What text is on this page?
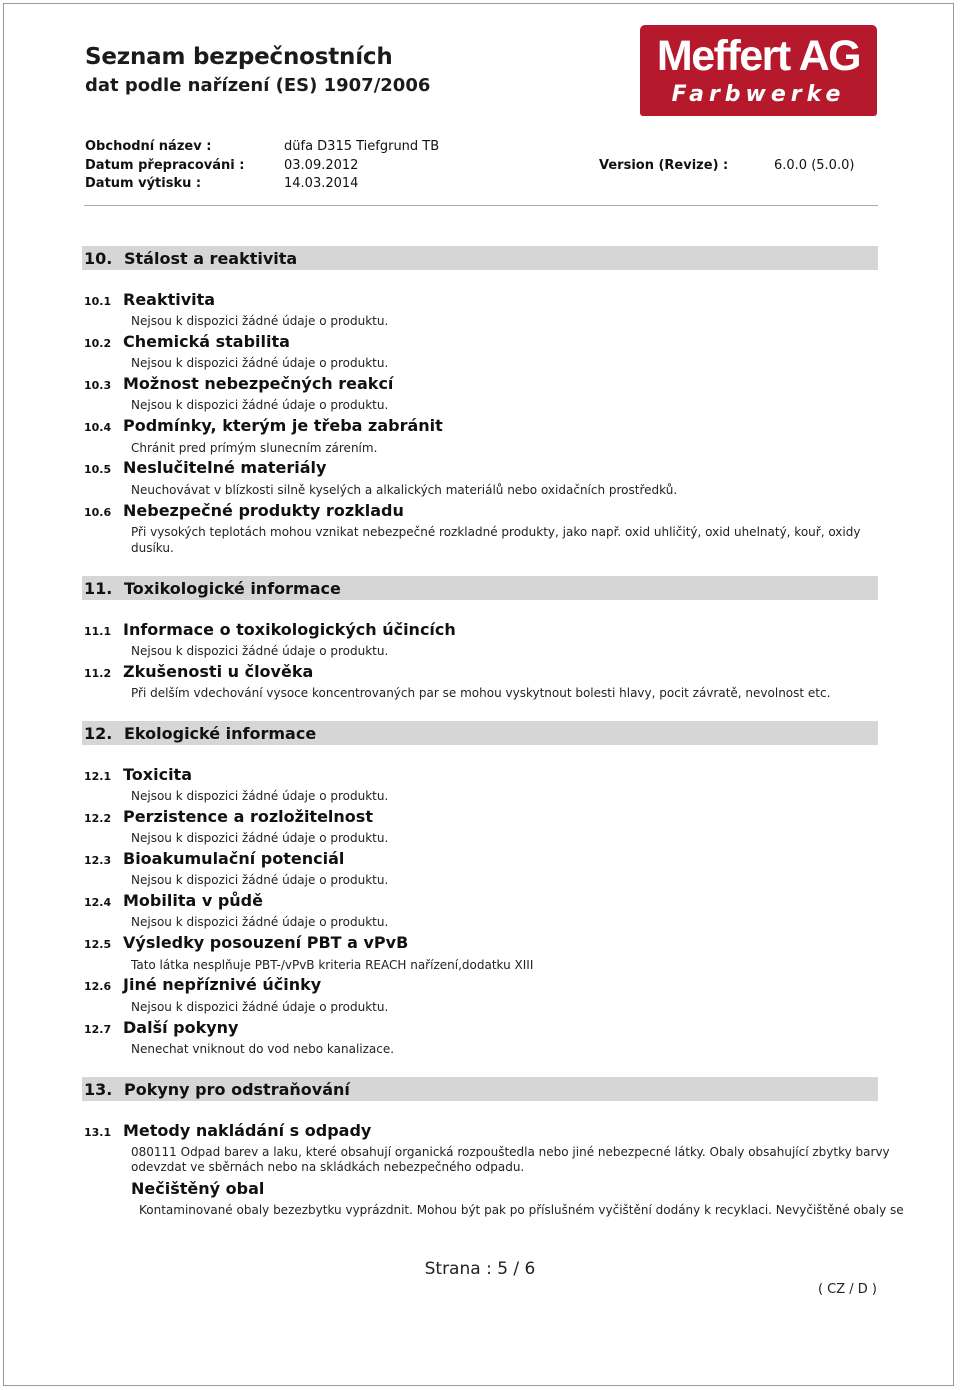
Seznam bezpečnostních
dat podle nařízení (ES) 1907/2006
Meffert AG
Farbwerke
Obchodní název :	düfa D315 Tiefgrund TB
Datum přepracováni :	03.09.2012	Version (Revize) :	6.0.0 (5.0.0)
Datum výtisku :	14.03.2014
10. Stálost a reaktivita
10.1 Reaktivita
Nejsou k dispozici žádné údaje o produktu.
10.2 Chemická stabilita
Nejsou k dispozici žádné údaje o produktu.
10.3 Možnost nebezpečných reakcí
Nejsou k dispozici žádné údaje o produktu.
10.4 Podmínky, kterým je třeba zabránit
Chránit pred prímým slunecním zárením.
10.5 Neslučitelné materiály
Neuchovávat v blízkosti silně kyselých a alkalických materiálů nebo oxidačních prostředků.
10.6 Nebezpečné produkty rozkladu
Při vysokých teplotách mohou vznikat nebezpečné rozkladné produkty, jako např. oxid uhličitý, oxid uhelnatý, kouř, oxidy
dusíku.
11. Toxikologické informace
11.1 Informace o toxikologických účincích
Nejsou k dispozici žádné údaje o produktu.
11.2 Zkušenosti u člověka
Při delším vdechování vysoce koncentrovaných par se mohou vyskytnout bolesti hlavy, pocit závratě, nevolnost etc.
12. Ekologické informace
12.1 Toxicita
Nejsou k dispozici žádné údaje o produktu.
12.2 Perzistence a rozložitelnost
Nejsou k dispozici žádné údaje o produktu.
12.3 Bioakumulační potenciál
Nejsou k dispozici žádné údaje o produktu.
12.4 Mobilita v půdě
Nejsou k dispozici žádné údaje o produktu.
12.5 Výsledky posouzení PBT a vPvB
Tato látka nesplňuje PBT-/vPvB kriteria REACH nařízení,dodatku XIII
12.6 Jiné nepříznivé účinky
Nejsou k dispozici žádné údaje o produktu.
12.7 Další pokyny
Nenechat vniknout do vod nebo kanalizace.
13. Pokyny pro odstraňování
13.1 Metody nakládání s odpady
080111 Odpad barev a laku, které obsahují organická rozpouštedla nebo jiné nebezpecné látky. Obaly obsahující zbytky barvy
odevzdat ve sběrnách nebo na skládkách nebezpečného odpadu.
Nečištěný obal
Kontaminované obaly bezezbytku vyprázdnit. Mohou být pak po příslušném vyčištění dodány k recyklaci. Nevyčištěné obaly se
Strana : 5 / 6
( CZ / D )
